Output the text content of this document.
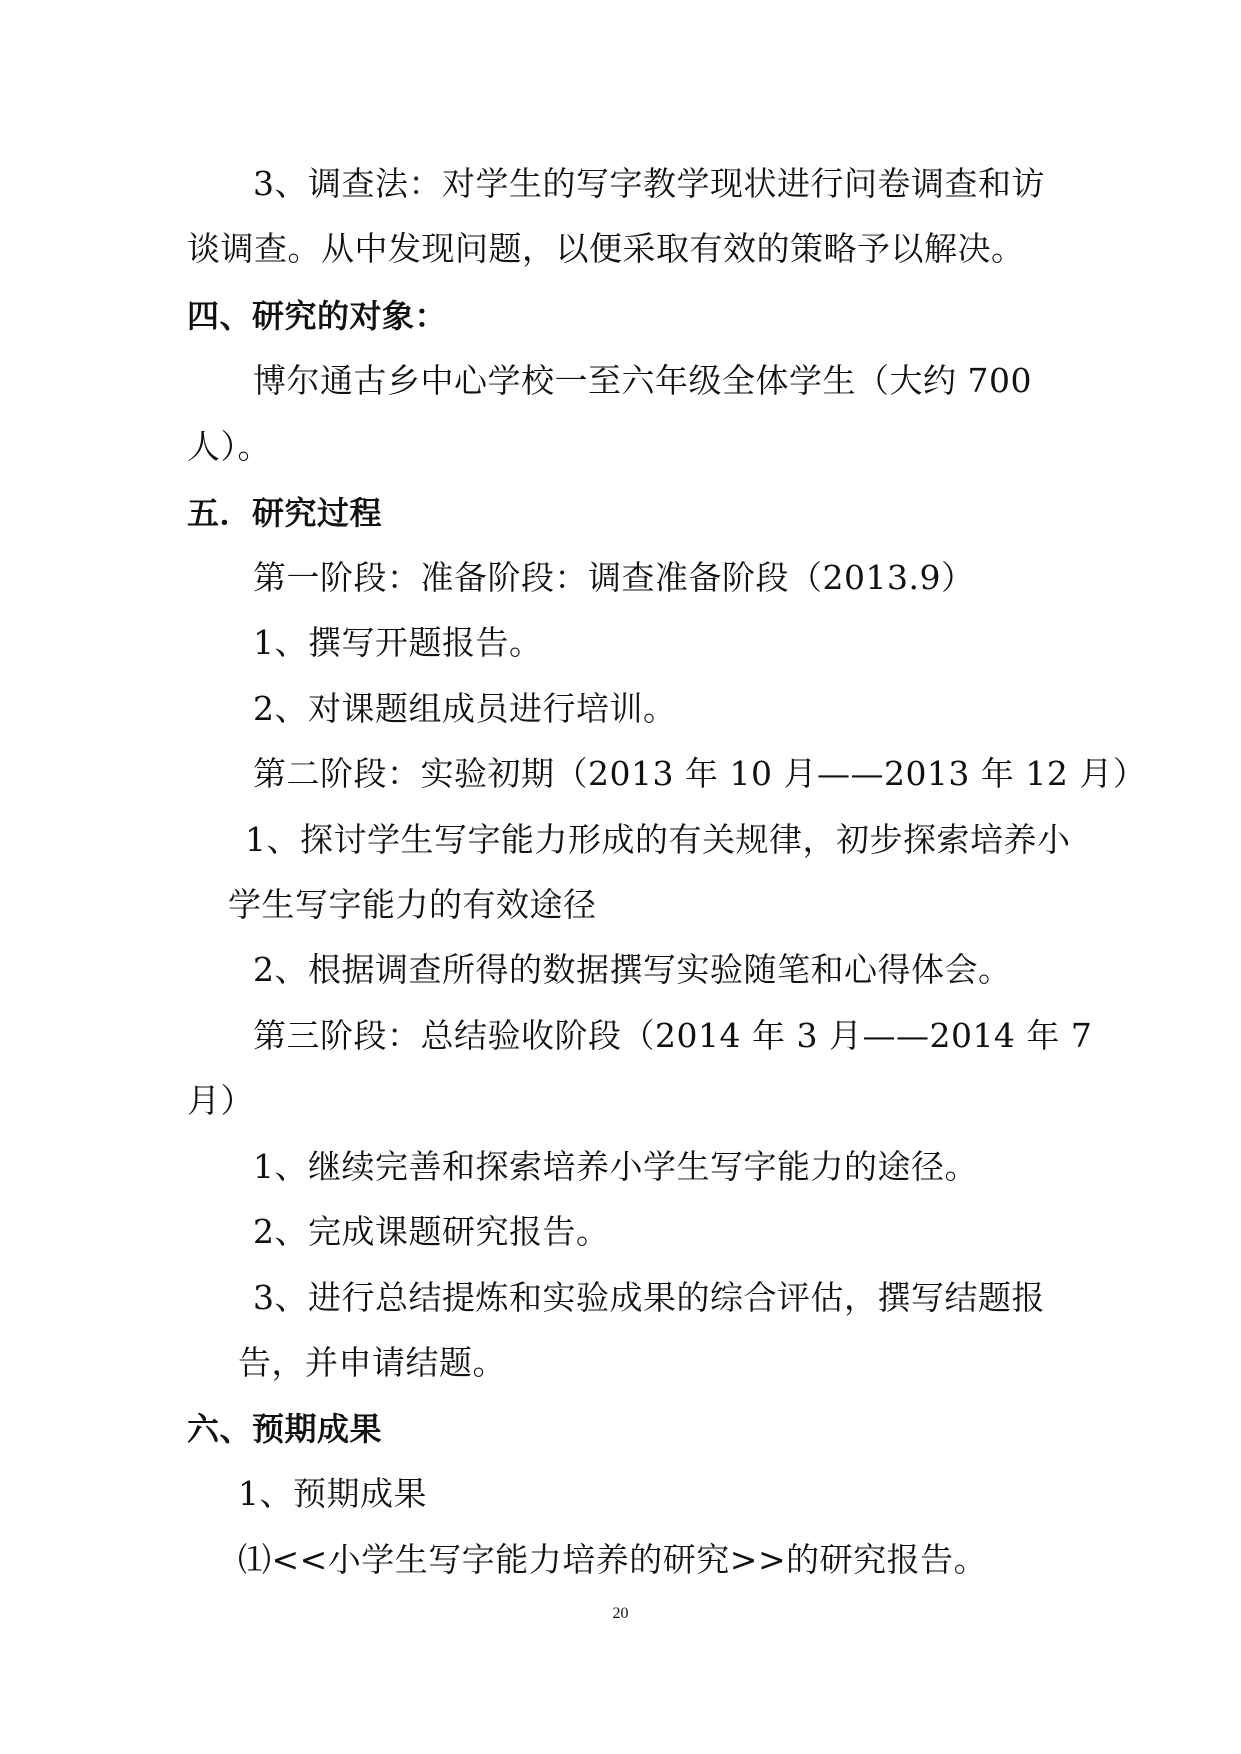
3、调查法：对学生的写字教学现状进行问卷调查和访
谈调查。从中发现问题，以便采取有效的策略予以解决。
四、研究的对象：
博尔通古乡中心学校一至六年级全体学生（大约 700
人）。
五．研究过程
第一阶段：准备阶段：调查准备阶段（2013.9）
1、撰写开题报告。
2、对课题组成员进行培训。
第二阶段：实验初期（2013 年 10 月——2013 年 12 月）
1、探讨学生写字能力形成的有关规律，初步探索培养小
学生写字能力的有效途径
2、根据调查所得的数据撰写实验随笔和心得体会。
第三阶段：总结验收阶段（2014 年 3 月——2014 年 7
月）
1、继续完善和探索培养小学生写字能力的途径。
2、完成课题研究报告。
3、进行总结提炼和实验成果的综合评估，撰写结题报
告，并申请结题。
六、预期成果
1、预期成果
⑴<<小学生写字能力培养的研究>>的研究报告。
20
